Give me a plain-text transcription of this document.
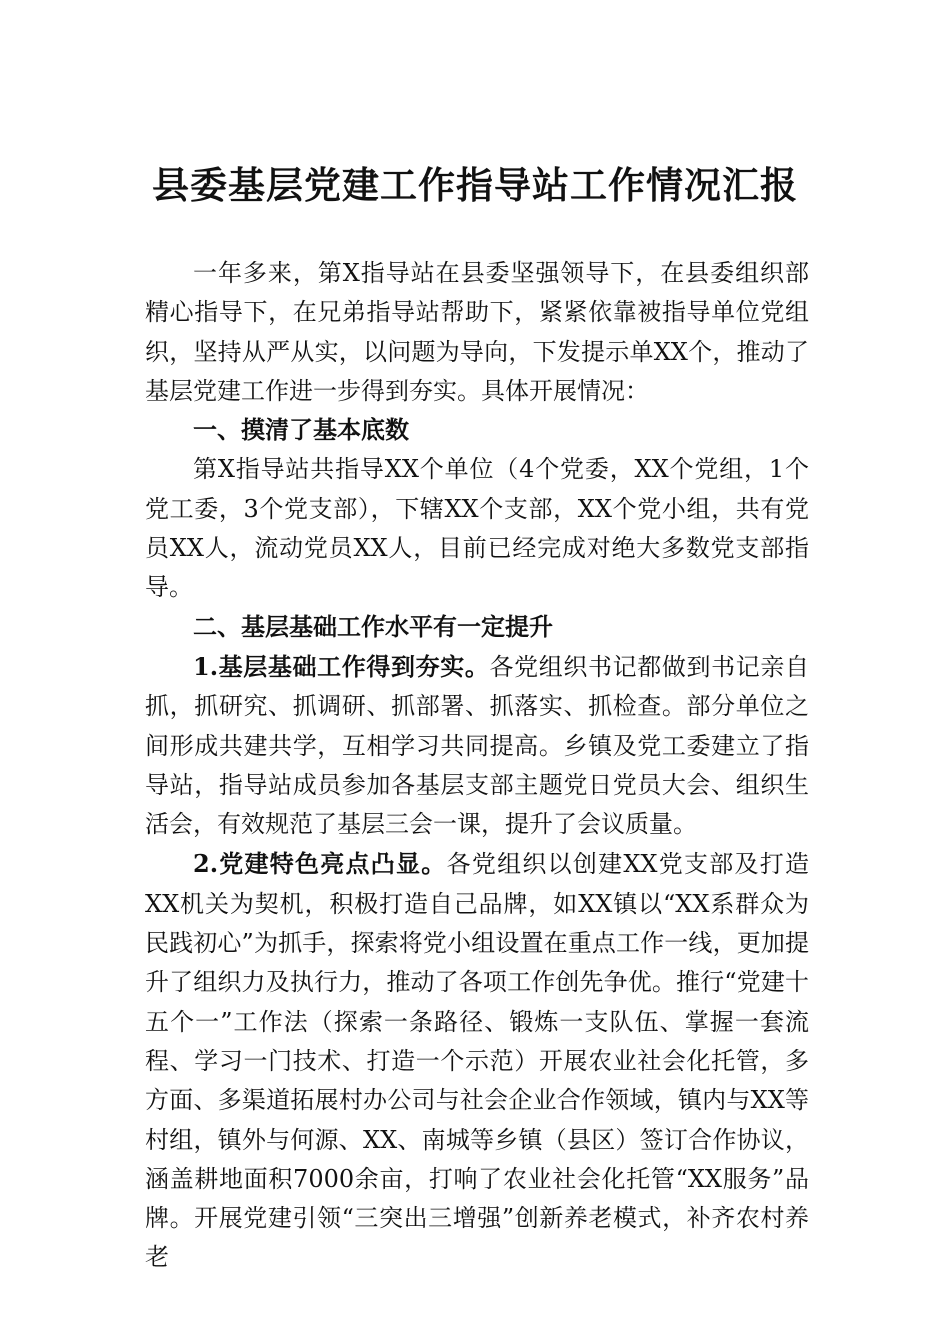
县委基层党建工作指导站工作情况汇报

一年多来，第X指导站在县委坚强领导下，在县委组织部精心指导下，在兄弟指导站帮助下，紧紧依靠被指导单位党组织，坚持从严从实，以问题为导向，下发提示单XX个，推动了基层党建工作进一步得到夯实。具体开展情况：

一、摸清了基本底数

第X指导站共指导XX个单位（4个党委，XX个党组，1个党工委，3个党支部），下辖XX个支部，XX个党小组，共有党员XX人，流动党员XX人，目前已经完成对绝大多数党支部指导。

二、基层基础工作水平有一定提升

1.基层基础工作得到夯实。各党组织书记都做到书记亲自抓，抓研究、抓调研、抓部署、抓落实、抓检查。部分单位之间形成共建共学，互相学习共同提高。乡镇及党工委建立了指导站，指导站成员参加各基层支部主题党日党员大会、组织生活会，有效规范了基层三会一课，提升了会议质量。

2.党建特色亮点凸显。各党组织以创建XX党支部及打造XX机关为契机，积极打造自己品牌，如XX镇以“XX系群众为民践初心”为抓手，探索将党小组设置在重点工作一线，更加提升了组织力及执行力，推动了各项工作创先争优。推行“党建十五个一”工作法（探索一条路径、锻炼一支队伍、掌握一套流程、学习一门技术、打造一个示范）开展农业社会化托管，多方面、多渠道拓展村办公司与社会企业合作领域，镇内与XX等村组，镇外与何源、XX、南城等乡镇（县区）签订合作协议，涵盖耕地面积7000余亩，打响了农业社会化托管“XX服务”品牌。开展党建引领“三突出三增强”创新养老模式，补齐农村养老
